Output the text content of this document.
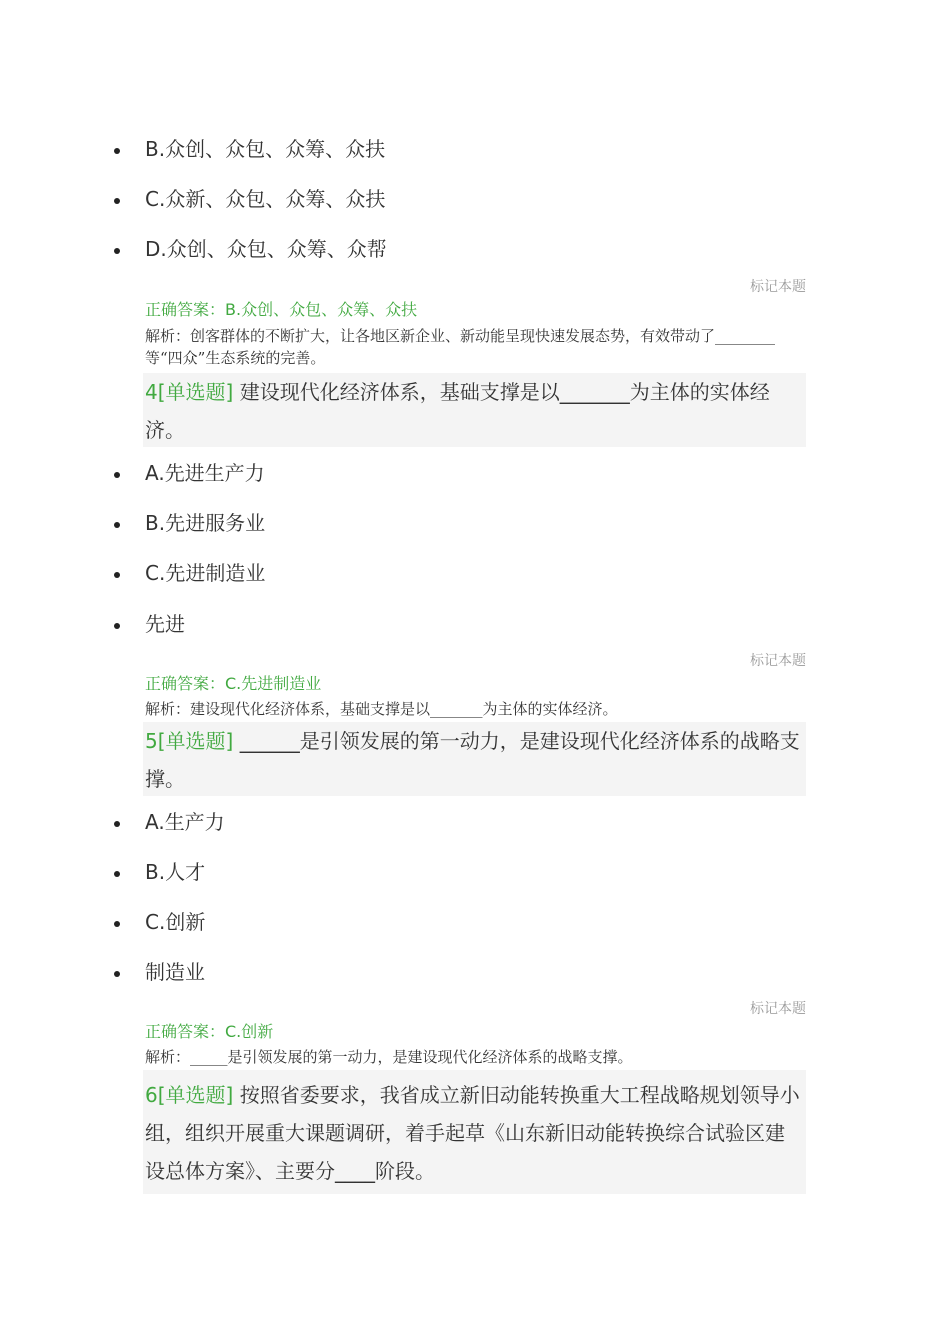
B.众创、众包、众筹、众扶
C.众新、众包、众筹、众扶
D.众创、众包、众筹、众帮
标记本题
正确答案：B.众创、众包、众筹、众扶
解析：创客群体的不断扩大，让各地区新企业、新动能呈现快速发展态势，有效带动了________等“四众”生态系统的完善。
4[单选题] 建设现代化经济体系，基础支撑是以_______为主体的实体经济。
A.先进生产力
B.先进服务业
C.先进制造业
先进
标记本题
正确答案：C.先进制造业
解析：建设现代化经济体系，基础支撑是以_______为主体的实体经济。
5[单选题] ______是引领发展的第一动力，是建设现代化经济体系的战略支撑。
A.生产力
B.人才
C.创新
制造业
标记本题
正确答案：C.创新
解析：_____是引领发展的第一动力，是建设现代化经济体系的战略支撑。
6[单选题] 按照省委要求，我省成立新旧动能转换重大工程战略规划领导小组，组织开展重大课题调研，着手起草《山东新旧动能转换综合试验区建设总体方案》、主要分____阶段。
